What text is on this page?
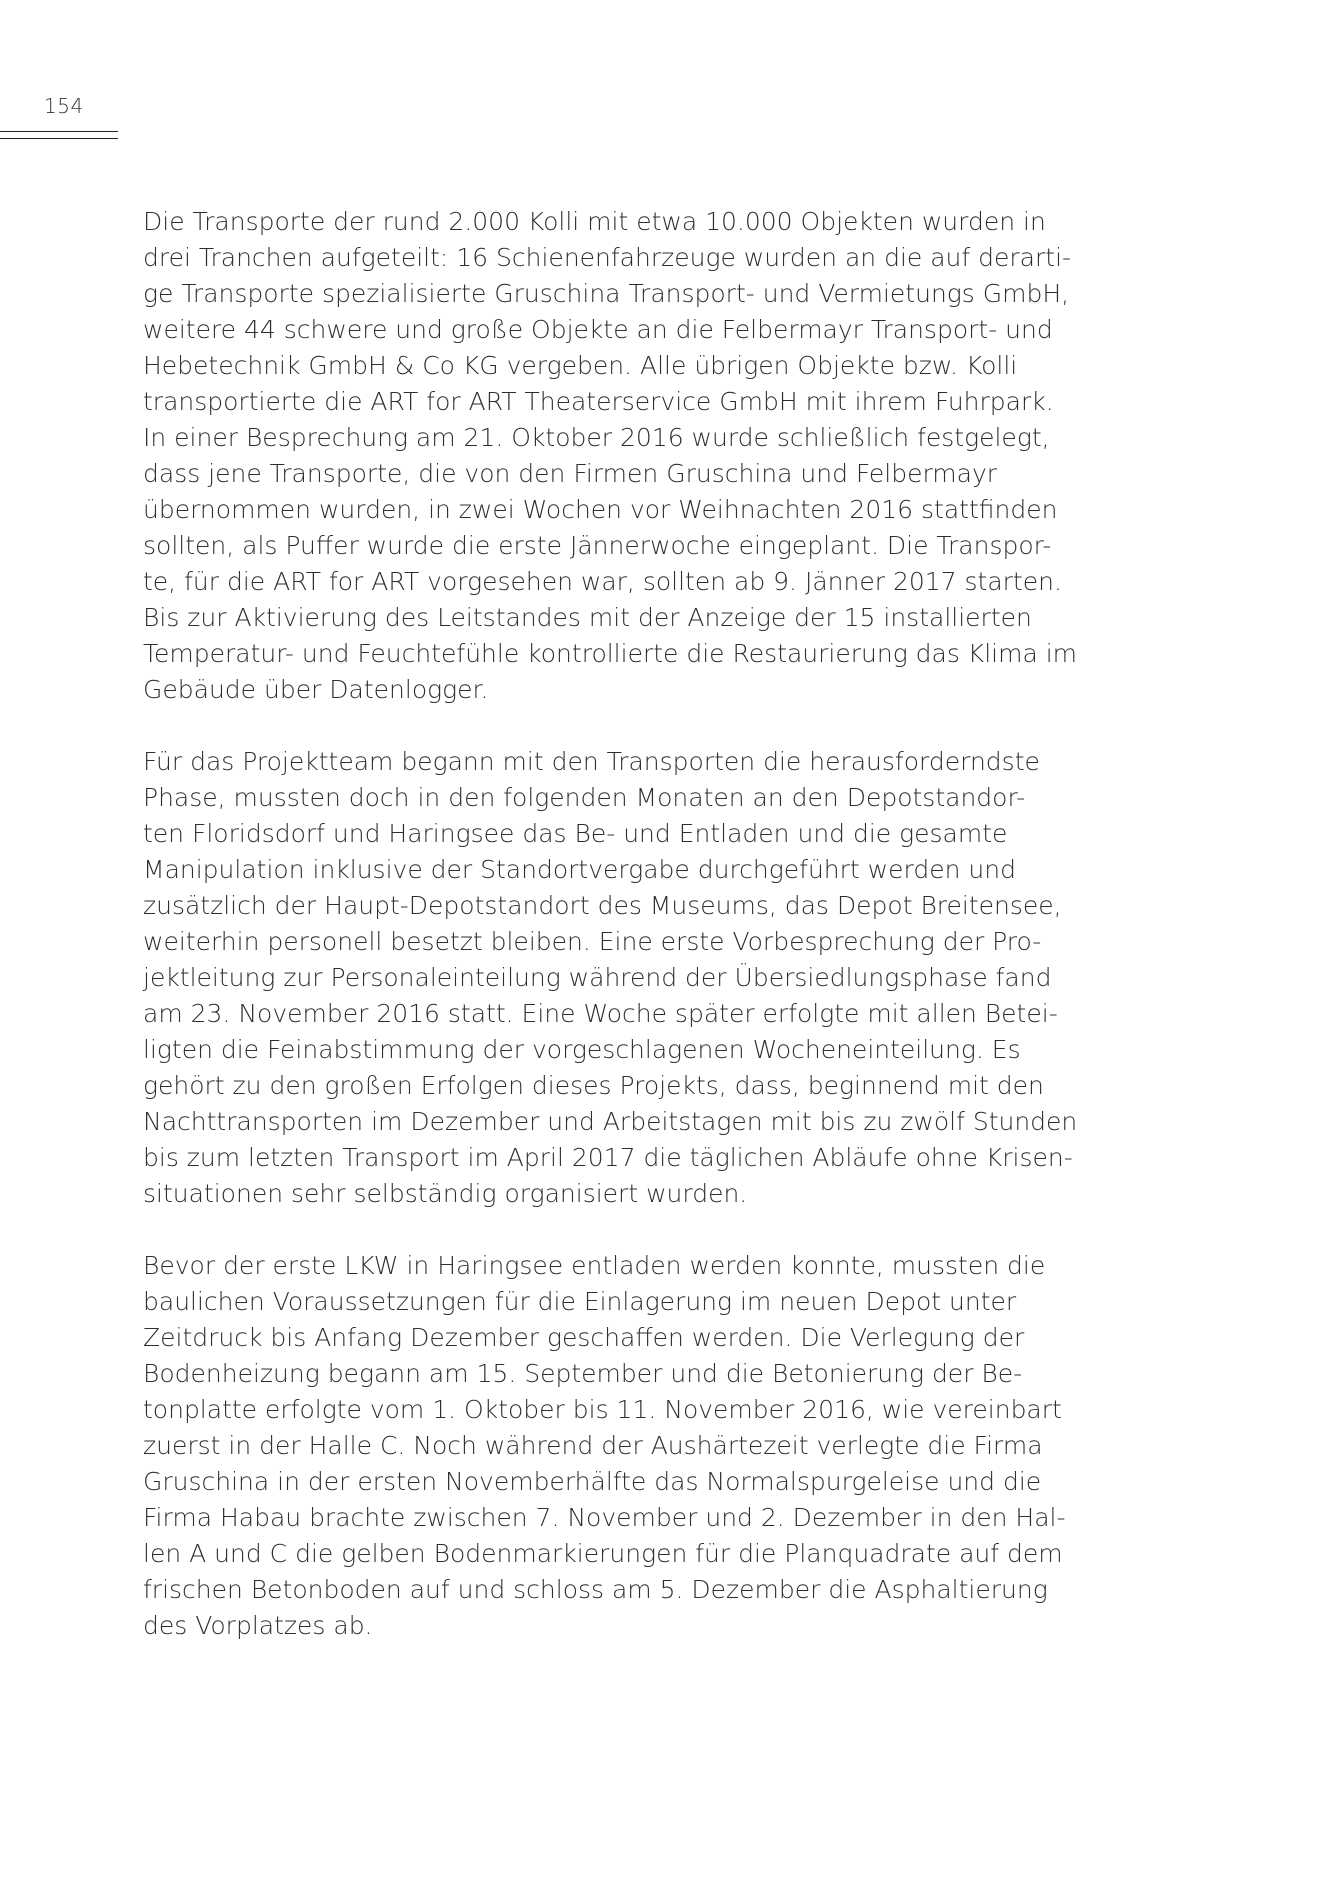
154

Die Transporte der rund 2.000 Kolli mit etwa 10.000 Objekten wurden in
drei Tranchen aufgeteilt: 16 Schienenfahrzeuge wurden an die auf derarti-
ge Transporte spezialisierte Gruschina Transport- und Vermietungs GmbH,
weitere 44 schwere und große Objekte an die Felbermayr Transport- und
Hebetechnik GmbH & Co KG vergeben. Alle übrigen Objekte bzw. Kolli
transportierte die ART for ART Theaterservice GmbH mit ihrem Fuhrpark.
In einer Besprechung am 21. Oktober 2016 wurde schließlich festgelegt,
dass jene Transporte, die von den Firmen Gruschina und Felbermayr
übernommen wurden, in zwei Wochen vor Weihnachten 2016 stattfinden
sollten, als Puffer wurde die erste Jännerwoche eingeplant. Die Transpor-
te, für die ART for ART vorgesehen war, sollten ab 9. Jänner 2017 starten.
Bis zur Aktivierung des Leitstandes mit der Anzeige der 15 installierten
Temperatur- und Feuchtefühle kontrollierte die Restaurierung das Klima im
Gebäude über Datenlogger.

Für das Projektteam begann mit den Transporten die herausforderndste
Phase, mussten doch in den folgenden Monaten an den Depotstandor-
ten Floridsdorf und Haringsee das Be- und Entladen und die gesamte
Manipulation inklusive der Standortvergabe durchgeführt werden und
zusätzlich der Haupt-Depotstandort des Museums, das Depot Breitensee,
weiterhin personell besetzt bleiben. Eine erste Vorbesprechung der Pro-
jektleitung zur Personaleinteilung während der Übersiedlungsphase fand
am 23. November 2016 statt. Eine Woche später erfolgte mit allen Betei-
ligten die Feinabstimmung der vorgeschlagenen Wocheneinteilung. Es
gehört zu den großen Erfolgen dieses Projekts, dass, beginnend mit den
Nachttransporten im Dezember und Arbeitstagen mit bis zu zwölf Stunden
bis zum letzten Transport im April 2017 die täglichen Abläufe ohne Krisen-
situationen sehr selbständig organisiert wurden.

Bevor der erste LKW in Haringsee entladen werden konnte, mussten die
baulichen Voraussetzungen für die Einlagerung im neuen Depot unter
Zeitdruck bis Anfang Dezember geschaffen werden. Die Verlegung der
Bodenheizung begann am 15. September und die Betonierung der Be-
tonplatte erfolgte vom 1. Oktober bis 11. November 2016, wie vereinbart
zuerst in der Halle C. Noch während der Aushärtezeit verlegte die Firma
Gruschina in der ersten Novemberhälfte das Normalspurgeleise und die
Firma Habau brachte zwischen 7. November und 2. Dezember in den Hal-
len A und C die gelben Bodenmarkierungen für die Planquadrate auf dem
frischen Betonboden auf und schloss am 5. Dezember die Asphaltierung
des Vorplatzes ab.
